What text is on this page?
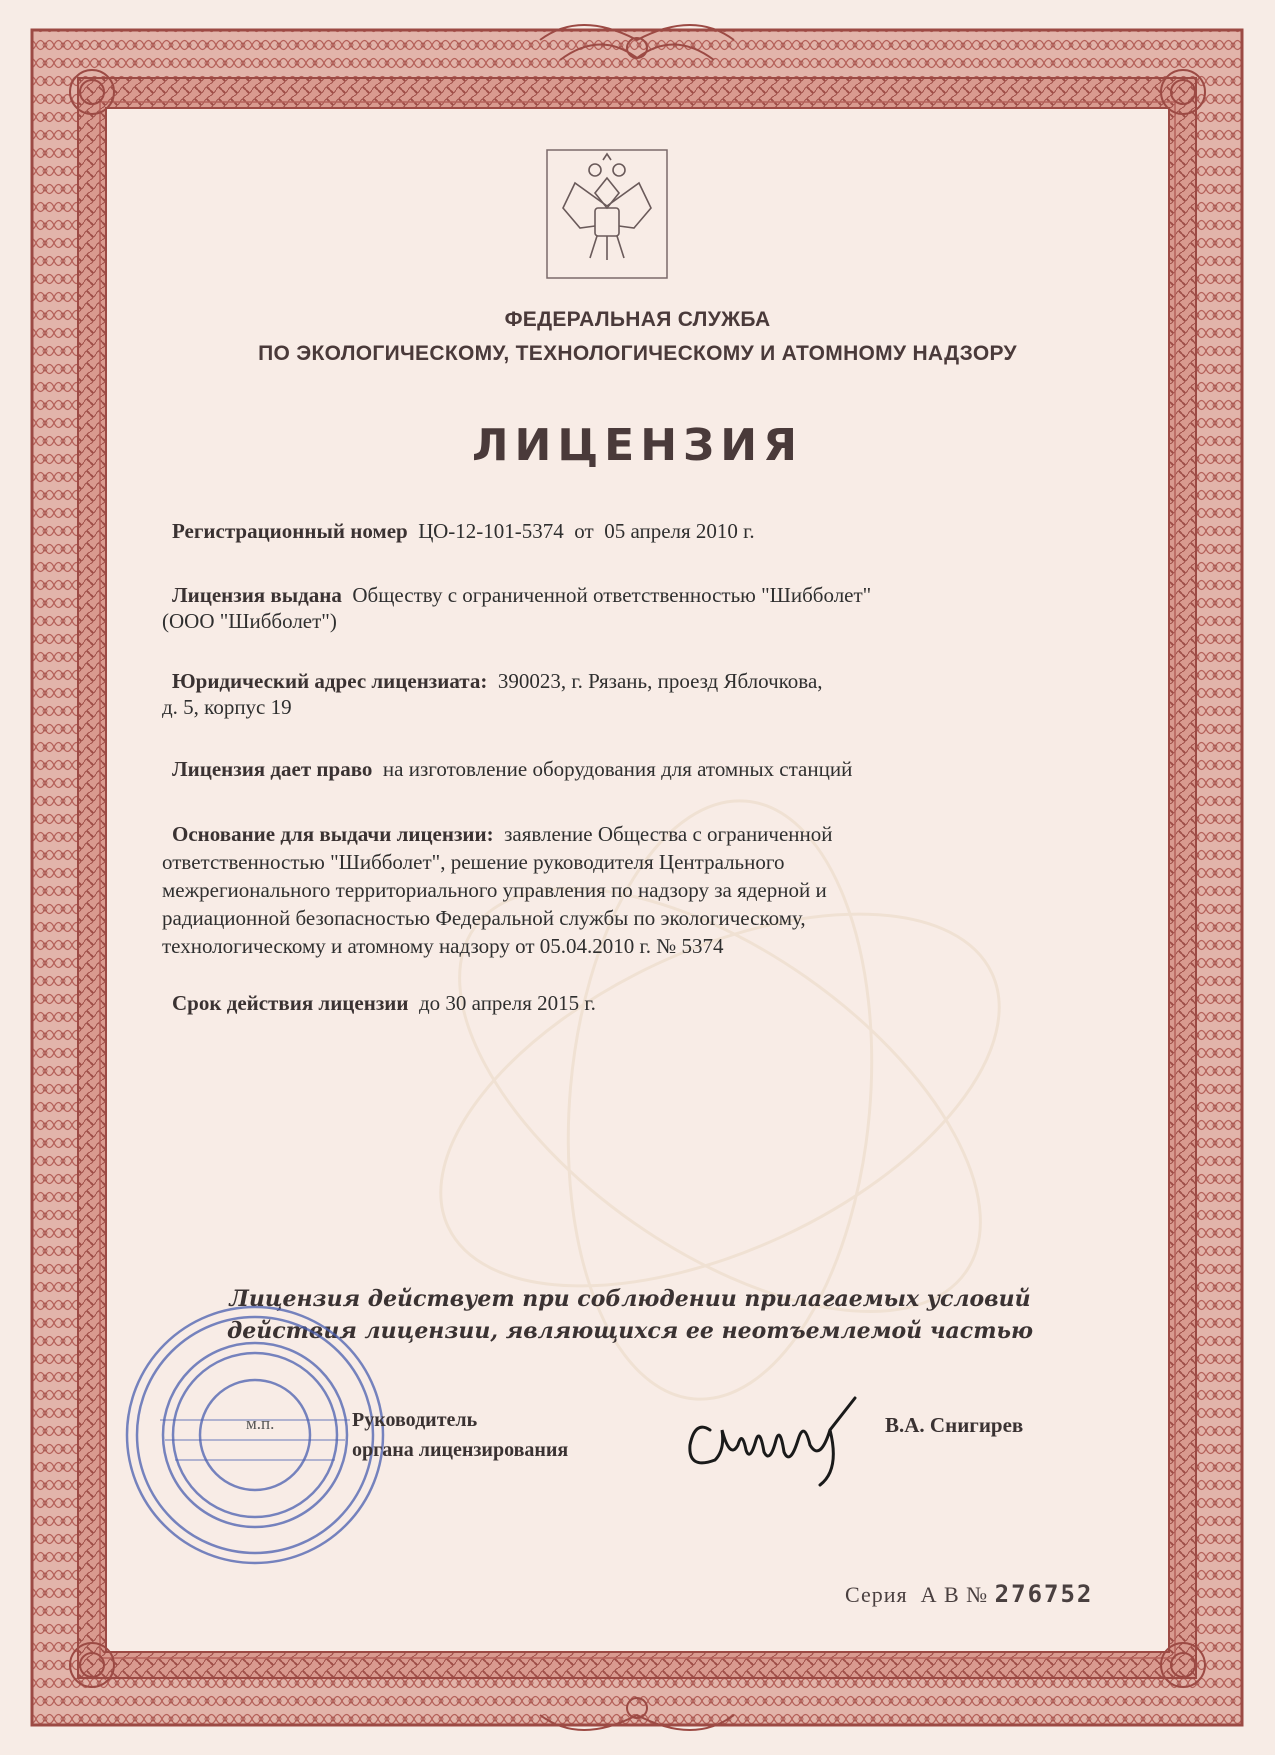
ФЕДЕРАЛЬНАЯ СЛУЖБА
ПО ЭКОЛОГИЧЕСКОМУ, ТЕХНОЛОГИЧЕСКОМУ И АТОМНОМУ НАДЗОРУ
ЛИЦЕНЗИЯ
Регистрационный номер ЦО-12-101-5374 от 05 апреля 2010 г.
Лицензия выдана Обществу с ограниченной ответственностью "Шибболет"
(ООО "Шибболет")
Юридический адрес лицензиата: 390023, г. Рязань, проезд Яблочкова,
д. 5, корпус 19
Лицензия дает право на изготовление оборудования для атомных станций
Основание для выдачи лицензии: заявление Общества с ограниченной
ответственностью "Шибболет", решение руководителя Центрального
межрегионального территориального управления по надзору за ядерной и
радиационной безопасностью Федеральной службы по экологическому,
технологическому и атомному надзору от 05.04.2010 г. № 5374
Срок действия лицензии до 30 апреля 2015 г.
Лицензия действует при соблюдении прилагаемых условий
действия лицензии, являющихся ее неотъемлемой частью
м.п.	Руководитель
органа лицензирования
В.А. Снигирев
Серия А В № 276752
